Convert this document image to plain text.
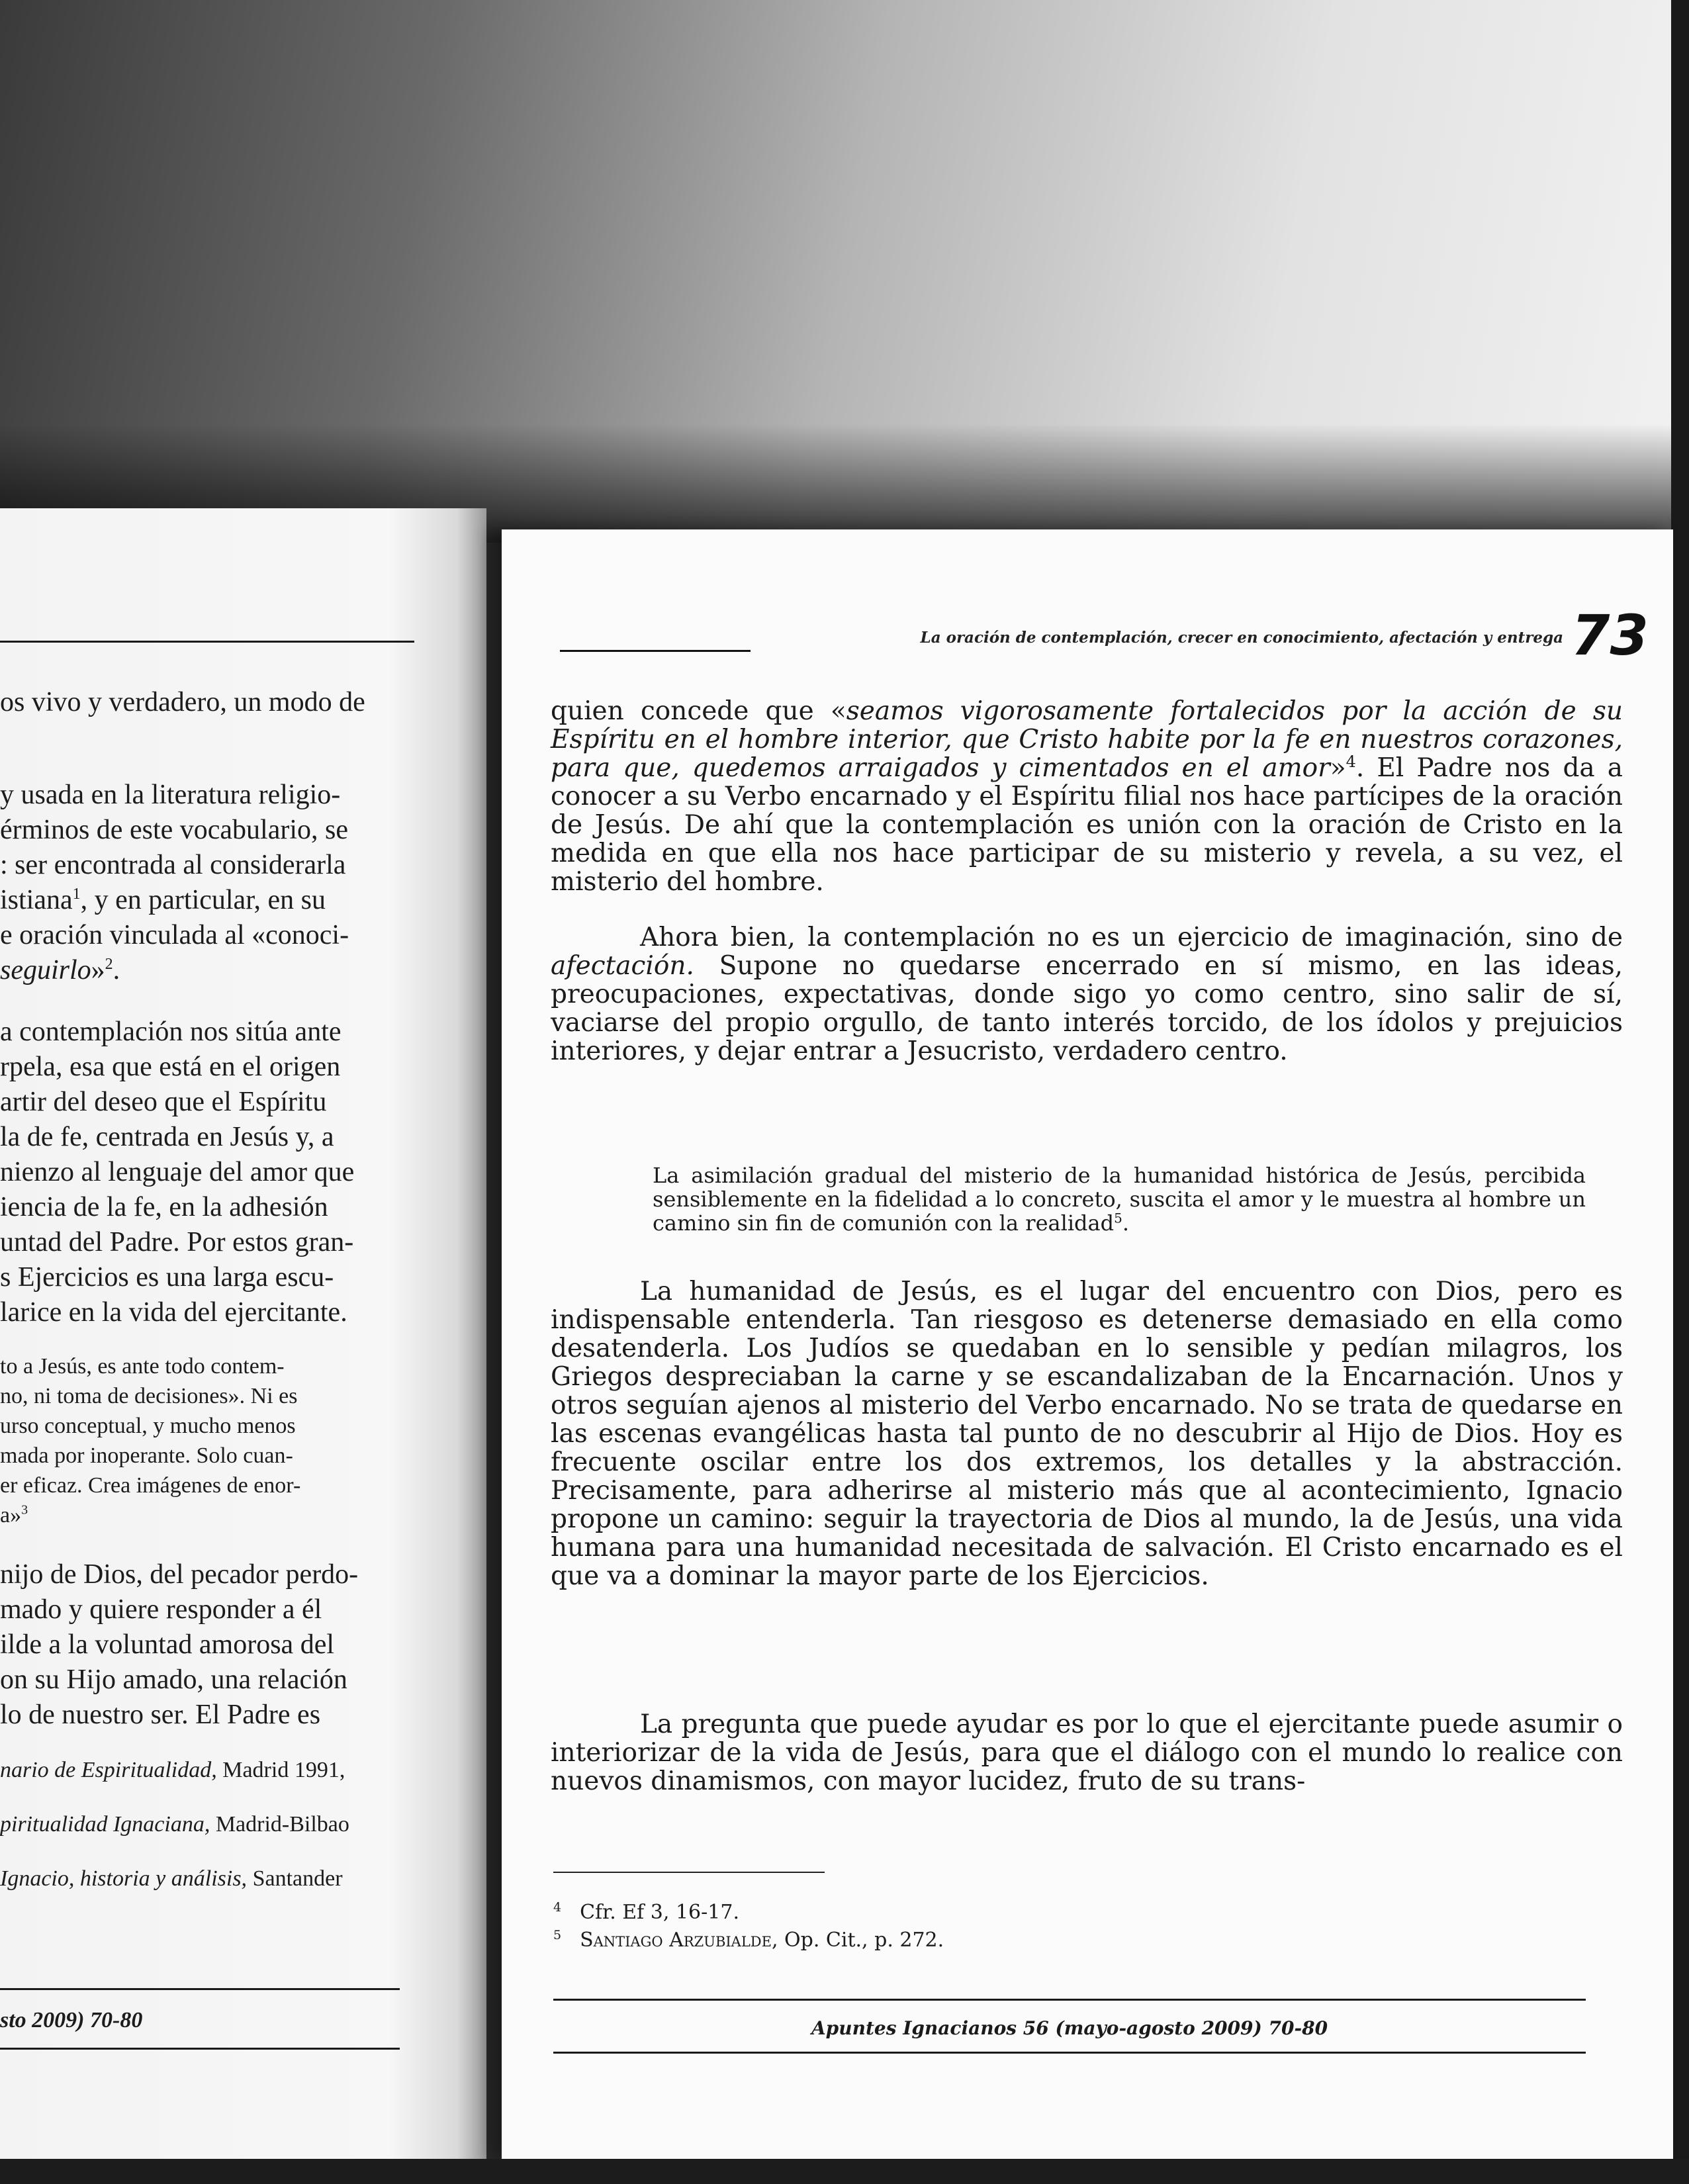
os vivo y verdadero, un modo de
y usada en la literatura religio-
érminos de este vocabulario, se
: ser encontrada al considerarla
istiana$^1$, y en particular, en su
e oración vinculada al «conoci-
seguirlo»$^2$.
a contemplación nos sitúa ante
rpela, esa que está en el origen
artir del deseo que el Espíritu
la de fe, centrada en Jesús y, a
nienzo al lenguaje del amor que
iencia de la fe, en la adhesión
untad del Padre. Por estos gran-
s Ejercicios es una larga escu-
larice en la vida del ejercitante.
to a Jesús, es ante todo contem-
no, ni toma de decisiones». Ni es
urso conceptual, y mucho menos
mada por inoperante. Solo cuan-
er eficaz. Crea imágenes de enor-
a»$^3$
nijo de Dios, del pecador perdo-
mado y quiere responder a él
ilde a la voluntad amorosa del
on su Hijo amado, una relación
lo de nuestro ser. El Padre es
nario de Espiritualidad, Madrid 1991,
piritualidad Ignaciana, Madrid-Bilbao
Ignacio, historia y análisis, Santander
sto 2009) 70-80
La oración de contemplación, crecer en conocimiento, afectación y entrega 73
quien concede que «seamos vigorosamente fortalecidos por la acción de su Espíritu en el hombre interior, que Cristo habite por la fe en nuestros corazones, para que, quedemos arraigados y cimentados en el amor»$^4$. El Padre nos da a conocer a su Verbo encarnado y el Espíritu filial nos hace partícipes de la oración de Jesús. De ahí que la contemplación es unión con la oración de Cristo en la medida en que ella nos hace participar de su misterio y revela, a su vez, el misterio del hombre.
Ahora bien, la contemplación no es un ejercicio de imaginación, sino de afectación. Supone no quedarse encerrado en sí mismo, en las ideas, preocupaciones, expectativas, donde sigo yo como centro, sino salir de sí, vaciarse del propio orgullo, de tanto interés torcido, de los ídolos y prejuicios interiores, y dejar entrar a Jesucristo, verdadero centro.
La asimilación gradual del misterio de la humanidad histórica de Jesús, percibida sensiblemente en la fidelidad a lo concreto, suscita el amor y le muestra al hombre un camino sin fin de comunión con la realidad$^5$.
La humanidad de Jesús, es el lugar del encuentro con Dios, pero es indispensable entenderla. Tan riesgoso es detenerse demasiado en ella como desatenderla. Los Judíos se quedaban en lo sensible y pedían milagros, los Griegos despreciaban la carne y se escandalizaban de la Encarnación. Unos y otros seguían ajenos al misterio del Verbo encarnado. No se trata de quedarse en las escenas evangélicas hasta tal punto de no descubrir al Hijo de Dios. Hoy es frecuente oscilar entre los dos extremos, los detalles y la abstracción. Precisamente, para adherirse al misterio más que al acontecimiento, Ignacio propone un camino: seguir la trayectoria de Dios al mundo, la de Jesús, una vida humana para una humanidad necesitada de salvación. El Cristo encarnado es el que va a dominar la mayor parte de los Ejercicios.
La pregunta que puede ayudar es por lo que el ejercitante puede asumir o interiorizar de la vida de Jesús, para que el diálogo con el mundo lo realice con nuevos dinamismos, con mayor lucidez, fruto de su trans-
$^4$ Cfr. Ef 3, 16-17.
$^5$ Santiago Arzubialde, Op. Cit., p. 272.
Apuntes Ignacianos 56 (mayo-agosto 2009) 70-80
